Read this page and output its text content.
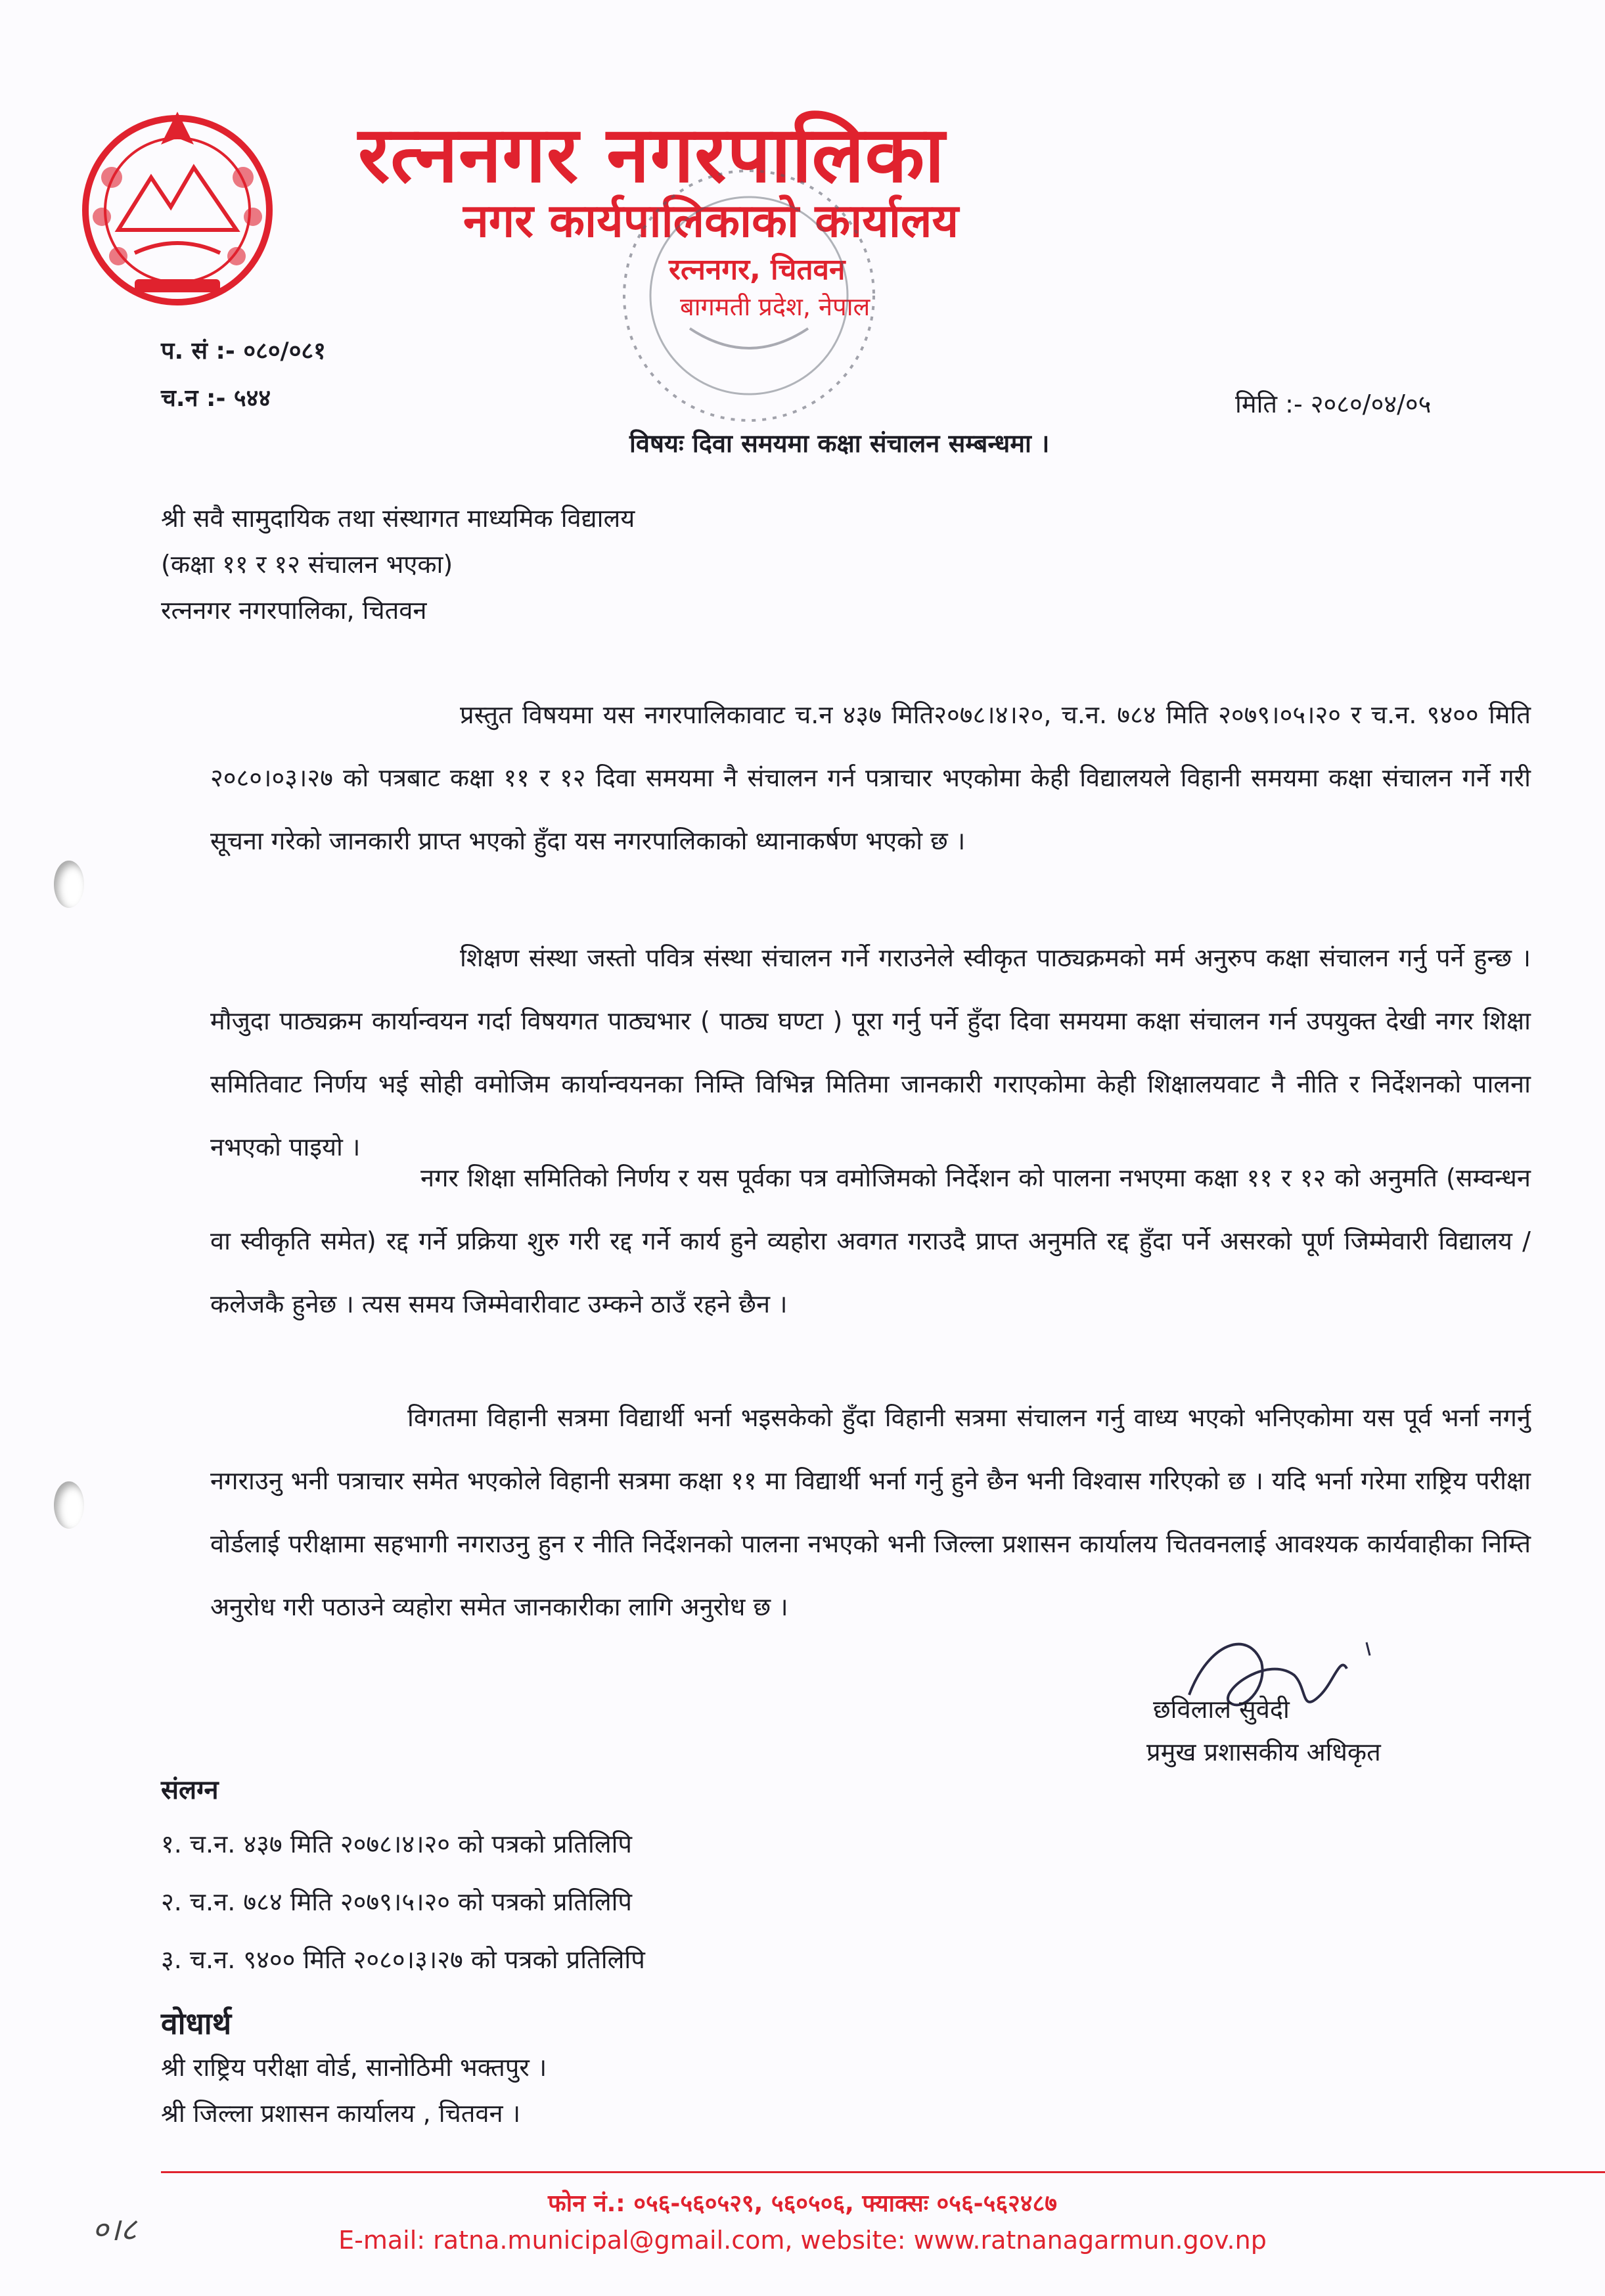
रत्ननगर नगरपालिका
नगर कार्यपालिकाको कार्यालय
रत्ननगर, चितवन
बागमती प्रदेश, नेपाल
प. सं :- ०८०/०८१
च.न :- ५४४	मिति :- २०८०/०४/०५
विषयः दिवा समयमा कक्षा संचालन सम्बन्धमा ।
श्री सवै सामुदायिक तथा संस्थागत माध्यमिक विद्यालय
(कक्षा ११ र १२ संचालन भएका)
रत्ननगर नगरपालिका, चितवन
प्रस्तुत विषयमा यस नगरपालिकावाट च.न ४३७ मिति२०७८।४।२०, च.न. ७८४ मिति २०७९।०५।२० र च.न. ९४०० मिति २०८०।०३।२७ को पत्रबाट कक्षा ११ र १२ दिवा समयमा नै संचालन गर्न पत्राचार भएकोमा केही विद्यालयले विहानी समयमा कक्षा संचालन गर्ने गरी सूचना गरेको जानकारी प्राप्त भएको हुँदा यस नगरपालिकाको ध्यानाकर्षण भएको छ ।
शिक्षण संस्था जस्तो पवित्र संस्था संचालन गर्ने गराउनेले स्वीकृत पाठ्यक्रमको मर्म अनुरुप कक्षा संचालन गर्नु पर्ने हुन्छ । मौजुदा पाठ्यक्रम कार्यान्वयन गर्दा विषयगत पाठ्यभार ( पाठ्य घण्टा ) पूरा गर्नु पर्ने हुँदा दिवा समयमा कक्षा संचालन गर्न उपयुक्त देखी नगर शिक्षा समितिवाट निर्णय भई सोही वमोजिम कार्यान्वयनका निम्ति विभिन्न मितिमा जानकारी गराएकोमा केही शिक्षालयवाट नै नीति र निर्देशनको पालना नभएको पाइयो ।
नगर शिक्षा समितिको निर्णय र यस पूर्वका पत्र वमोजिमको निर्देशन को पालना नभएमा कक्षा ११ र १२ को अनुमति (सम्वन्धन वा स्वीकृति समेत) रद्द गर्ने प्रक्रिया शुरु गरी रद्द गर्ने कार्य हुने व्यहोरा अवगत गराउदै प्राप्त अनुमति रद्द हुँदा पर्ने असरको पूर्ण जिम्मेवारी विद्यालय / कलेजकै हुनेछ । त्यस समय जिम्मेवारीवाट उम्कने ठाउँ रहने छैन ।
विगतमा विहानी सत्रमा विद्यार्थी भर्ना भइसकेको हुँदा विहानी सत्रमा संचालन गर्नु वाध्य भएको भनिएकोमा यस पूर्व भर्ना नगर्नु नगराउनु भनी पत्राचार समेत भएकोले विहानी सत्रमा कक्षा ११ मा विद्यार्थी भर्ना गर्नु हुने छैन भनी विश्वास गरिएको छ । यदि भर्ना गरेमा राष्ट्रिय परीक्षा वोर्डलाई परीक्षामा सहभागी नगराउनु हुन र नीति निर्देशनको पालना नभएको भनी जिल्ला प्रशासन कार्यालय चितवनलाई आवश्यक कार्यवाहीका निम्ति अनुरोध गरी पठाउने व्यहोरा समेत जानकारीका लागि अनुरोध छ ।
छविलाल सुवेदी
प्रमुख प्रशासकीय अधिकृत
संलग्न
१. च.न. ४३७ मिति २०७८।४।२० को पत्रको प्रतिलिपि
२. च.न. ७८४ मिति २०७९।५।२० को पत्रको प्रतिलिपि
३. च.न. ९४०० मिति २०८०।३।२७ को पत्रको प्रतिलिपि
वोधार्थ
श्री राष्ट्रिय परीक्षा वोर्ड, सानोठिमी भक्तपुर ।
श्री जिल्ला प्रशासन कार्यालय , चितवन ।
०।८
फोन नं.: ०५६-५६०५२९, ५६०५०६, फ्याक्सः ०५६-५६२४८७
E-mail: ratna.municipal@gmail.com, website: www.ratnanagarmun.gov.np
